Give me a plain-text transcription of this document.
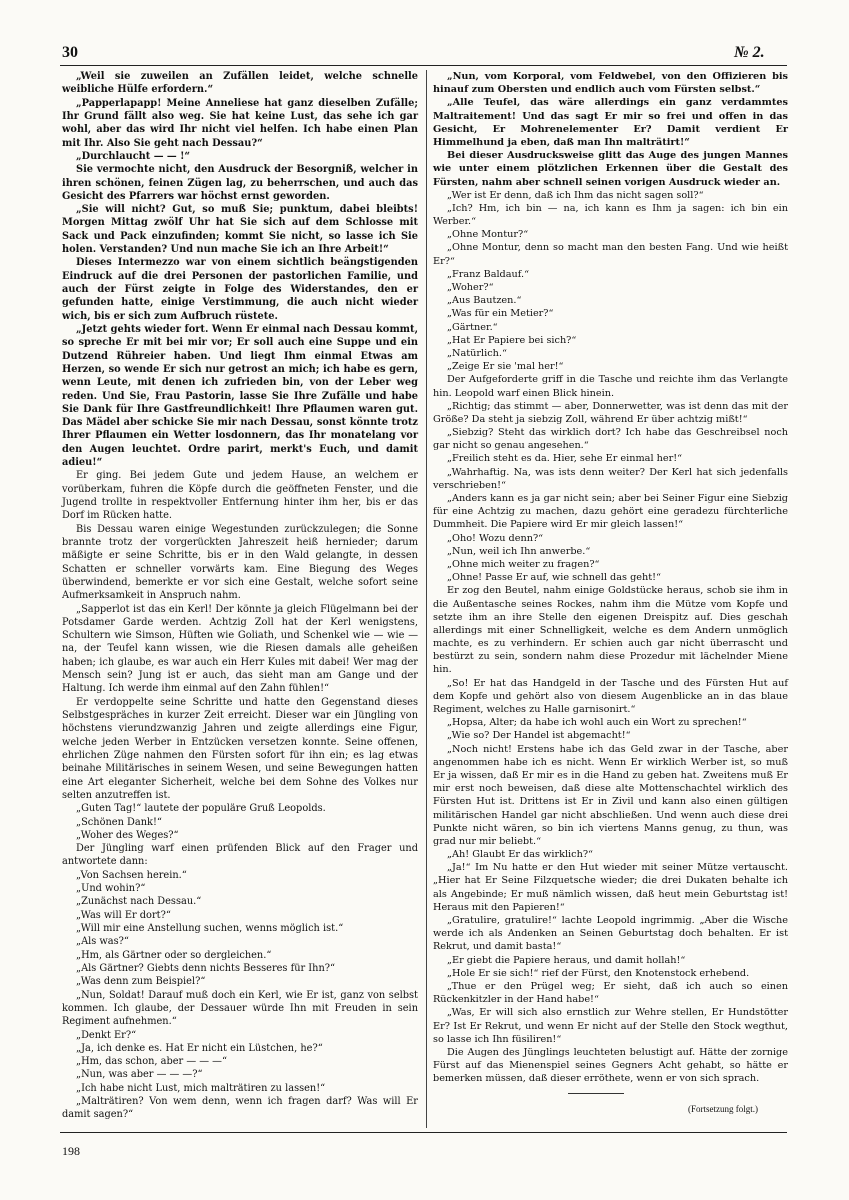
30	№ 2.

„Weil sie zuweilen an Zufällen leidet, welche schnelle weibliche Hülfe erfordern.“

„Papperlapapp! Meine Anneliese hat ganz dieselben Zufälle; Ihr Grund fällt also weg. Sie hat keine Lust, das sehe ich gar wohl, aber das wird Ihr nicht viel helfen. Ich habe einen Plan mit Ihr. Also Sie geht nach Dessau?“

„Durchlaucht — — !“

Sie vermochte nicht, den Ausdruck der Besorgniß, welcher in ihren schönen, feinen Zügen lag, zu beherrschen, und auch das Gesicht des Pfarrers war höchst ernst geworden.

„Sie will nicht? Gut, so muß Sie; punktum, dabei bleibts! Morgen Mittag zwölf Uhr hat Sie sich auf dem Schlosse mit Sack und Pack einzufinden; kommt Sie nicht, so lasse ich Sie holen. Verstanden? Und nun mache Sie ich an Ihre Arbeit!“

Dieses Intermezzo war von einem sichtlich beängstigenden Eindruck auf die drei Personen der pastorlichen Familie, und auch der Fürst zeigte in Folge des Widerstandes, den er gefunden hatte, einige Verstimmung, die auch nicht wieder wich, bis er sich zum Aufbruch rüstete.

„Jetzt gehts wieder fort. Wenn Er einmal nach Dessau kommt, so spreche Er mit bei mir vor; Er soll auch eine Suppe und ein Dutzend Rühreier haben. Und liegt Ihm einmal Etwas am Herzen, so wende Er sich nur getrost an mich; ich habe es gern, wenn Leute, mit denen ich zufrieden bin, von der Leber weg reden. Und Sie, Frau Pastorin, lasse Sie Ihre Zufälle und habe Sie Dank für Ihre Gastfreundlichkeit! Ihre Pflaumen waren gut. Das Mädel aber schicke Sie mir nach Dessau, sonst könnte trotz Ihrer Pflaumen ein Wetter losdonnern, das Ihr monatelang vor den Augen leuchtet. Ordre parirt, merkt's Euch, und damit adieu!“

Er ging. Bei jedem Gute und jedem Hause, an welchem er vorüberkam, fuhren die Köpfe durch die geöffneten Fenster, und die Jugend trollte in respektvoller Entfernung hinter ihm her, bis er das Dorf im Rücken hatte.

Bis Dessau waren einige Wegestunden zurückzulegen; die Sonne brannte trotz der vorgerückten Jahreszeit heiß hernieder; darum mäßigte er seine Schritte, bis er in den Wald gelangte, in dessen Schatten er schneller vorwärts kam. Eine Biegung des Weges überwindend, bemerkte er vor sich eine Gestalt, welche sofort seine Aufmerksamkeit in Anspruch nahm.

„Sapperlot ist das ein Kerl! Der könnte ja gleich Flügelmann bei der Potsdamer Garde werden. Achtzig Zoll hat der Kerl wenigstens, Schultern wie Simson, Hüften wie Goliath, und Schenkel wie — wie — na, der Teufel kann wissen, wie die Riesen damals alle geheißen haben; ich glaube, es war auch ein Herr Kules mit dabei! Wer mag der Mensch sein? Jung ist er auch, das sieht man am Gange und der Haltung. Ich werde ihm einmal auf den Zahn fühlen!“

Er verdoppelte seine Schritte und hatte den Gegenstand dieses Selbstgespräches in kurzer Zeit erreicht. Dieser war ein Jüngling von höchstens vierundzwanzig Jahren und zeigte allerdings eine Figur, welche jeden Werber in Entzücken versetzen konnte. Seine offenen, ehrlichen Züge nahmen den Fürsten sofort für ihn ein; es lag etwas beinahe Militärisches in seinem Wesen, und seine Bewegungen hatten eine Art eleganter Sicherheit, welche bei dem Sohne des Volkes nur selten anzutreffen ist.

„Guten Tag!“ lautete der populäre Gruß Leopolds.

„Schönen Dank!“

„Woher des Weges?“

Der Jüngling warf einen prüfenden Blick auf den Frager und antwortete dann:

„Von Sachsen herein.“

„Und wohin?“

„Zunächst nach Dessau.“

„Was will Er dort?“

„Will mir eine Anstellung suchen, wenns möglich ist.“

„Als was?“

„Hm, als Gärtner oder so dergleichen.“

„Als Gärtner? Giebts denn nichts Besseres für Ihn?“

„Was denn zum Beispiel?“

„Nun, Soldat! Darauf muß doch ein Kerl, wie Er ist, ganz von selbst kommen. Ich glaube, der Dessauer würde Ihn mit Freuden in sein Regiment aufnehmen.“

„Denkt Er?“

„Ja, ich denke es. Hat Er nicht ein Lüstchen, he?“

„Hm, das schon, aber — — —“

„Nun, was aber — — —?“

„Ich habe nicht Lust, mich malträtiren zu lassen!“

„Malträtiren? Von wem denn, wenn ich fragen darf? Was will Er damit sagen?“

„Nun, vom Korporal, vom Feldwebel, von den Offizieren bis hinauf zum Obersten und endlich auch vom Fürsten selbst.“

„Alle Teufel, das wäre allerdings ein ganz verdammtes Maltraitement! Und das sagt Er mir so frei und offen in das Gesicht, Er Mohrenelementer Er? Damit verdient Er Himmelhund ja eben, daß man Ihn malträtirt!“

Bei dieser Ausdrucksweise glitt das Auge des jungen Mannes wie unter einem plötzlichen Erkennen über die Gestalt des Fürsten, nahm aber schnell seinen vorigen Ausdruck wieder an.

„Wer ist Er denn, daß ich Ihm das nicht sagen soll?“

„Ich? Hm, ich bin — na, ich kann es Ihm ja sagen: ich bin ein Werber.“

„Ohne Montur?“

„Ohne Montur, denn so macht man den besten Fang. Und wie heißt Er?“

„Franz Baldauf.“

„Woher?“

„Aus Bautzen.“

„Was für ein Metier?“

„Gärtner.“

„Hat Er Papiere bei sich?“

„Natürlich.“

„Zeige Er sie 'mal her!“

Der Aufgeforderte griff in die Tasche und reichte ihm das Verlangte hin. Leopold warf einen Blick hinein.

„Richtig; das stimmt — aber, Donnerwetter, was ist denn das mit der Größe? Da steht ja siebzig Zoll, während Er über achtzig mißt!“

„Siebzig? Steht das wirklich dort? Ich habe das Geschreibsel noch gar nicht so genau angesehen.“

„Freilich steht es da. Hier, sehe Er einmal her!“

„Wahrhaftig. Na, was ists denn weiter? Der Kerl hat sich jedenfalls verschrieben!“

„Anders kann es ja gar nicht sein; aber bei Seiner Figur eine Siebzig für eine Achtzig zu machen, dazu gehört eine geradezu fürchterliche Dummheit. Die Papiere wird Er mir gleich lassen!“

„Oho! Wozu denn?“

„Nun, weil ich Ihn anwerbe.“

„Ohne mich weiter zu fragen?“

„Ohne! Passe Er auf, wie schnell das geht!“

Er zog den Beutel, nahm einige Goldstücke heraus, schob sie ihm in die Außentasche seines Rockes, nahm ihm die Mütze vom Kopfe und setzte ihm an ihre Stelle den eigenen Dreispitz auf. Dies geschah allerdings mit einer Schnelligkeit, welche es dem Andern unmöglich machte, es zu verhindern. Er schien auch gar nicht überrascht und bestürzt zu sein, sondern nahm diese Prozedur mit lächelnder Miene hin.

„So! Er hat das Handgeld in der Tasche und des Fürsten Hut auf dem Kopfe und gehört also von diesem Augenblicke an in das blaue Regiment, welches zu Halle garnisonirt.“

„Hopsa, Alter; da habe ich wohl auch ein Wort zu sprechen!“

„Wie so? Der Handel ist abgemacht!“

„Noch nicht! Erstens habe ich das Geld zwar in der Tasche, aber angenommen habe ich es nicht. Wenn Er wirklich Werber ist, so muß Er ja wissen, daß Er mir es in die Hand zu geben hat. Zweitens muß Er mir erst noch beweisen, daß diese alte Mottenschachtel wirklich des Fürsten Hut ist. Drittens ist Er in Zivil und kann also einen gültigen militärischen Handel gar nicht abschließen. Und wenn auch diese drei Punkte nicht wären, so bin ich viertens Manns genug, zu thun, was grad nur mir beliebt.“

„Ah! Glaubt Er das wirklich?“

„Ja!“ Im Nu hatte er den Hut wieder mit seiner Mütze vertauscht. „Hier hat Er Seine Filzquetsche wieder; die drei Dukaten behalte ich als Angebinde; Er muß nämlich wissen, daß heut mein Geburtstag ist! Heraus mit den Papieren!“

„Gratulire, gratulire!“ lachte Leopold ingrimmig. „Aber die Wische werde ich als Andenken an Seinen Geburtstag doch behalten. Er ist Rekrut, und damit basta!“

„Er giebt die Papiere heraus, und damit hollah!“

„Hole Er sie sich!“ rief der Fürst, den Knotenstock erhebend.

„Thue er den Prügel weg; Er sieht, daß ich auch so einen Rückenkitzler in der Hand habe!“

„Was, Er will sich also ernstlich zur Wehre stellen, Er Hundstötter Er? Ist Er Rekrut, und wenn Er nicht auf der Stelle den Stock wegthut, so lasse ich Ihn füsiliren!“

Die Augen des Jünglings leuchteten belustigt auf. Hätte der zornige Fürst auf das Mienenspiel seines Gegners Acht gehabt, so hätte er bemerken müssen, daß dieser erröthete, wenn er von sich sprach.

(Fortsetzung folgt.)
198
